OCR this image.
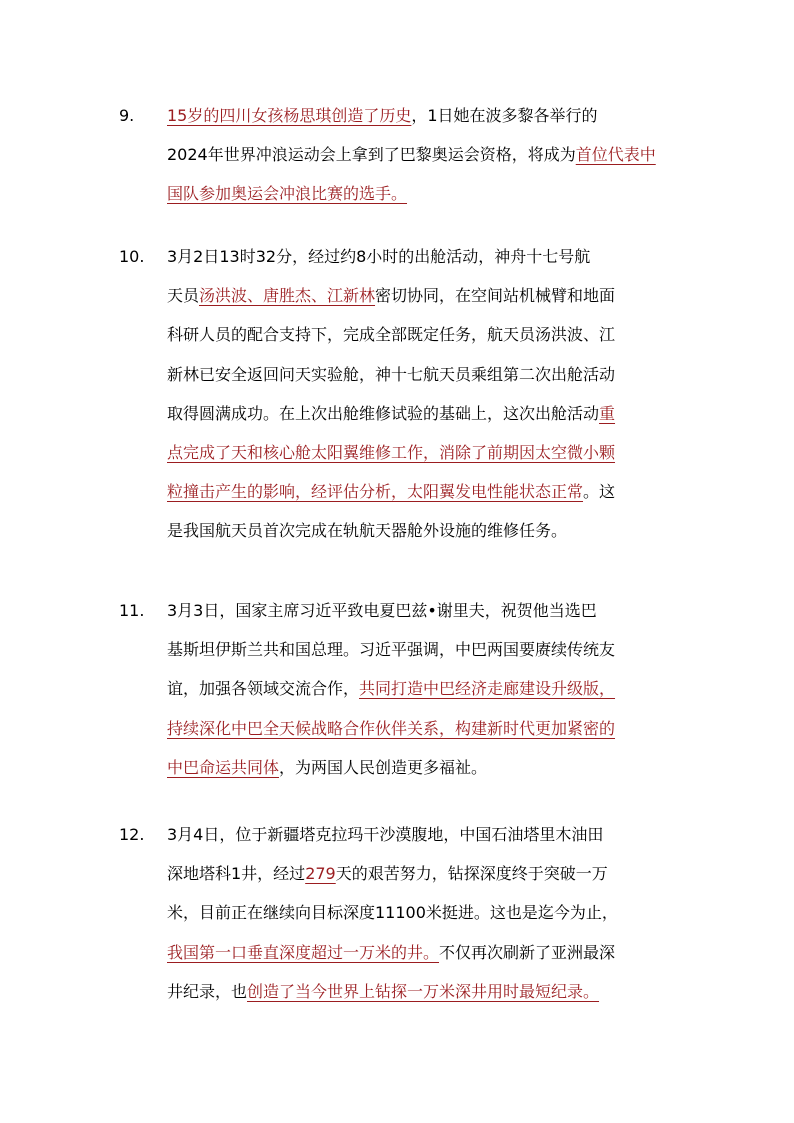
9.	15岁的四川女孩杨思琪创造了历史，1日她在波多黎各举行的
2024年世界冲浪运动会上拿到了巴黎奥运会资格，将成为首位代表中
国队参加奥运会冲浪比赛的选手。
10.	3月2日13时32分，经过约8小时的出舱活动，神舟十七号航
天员汤洪波、唐胜杰、江新林密切协同，在空间站机械臂和地面
科研人员的配合支持下，完成全部既定任务，航天员汤洪波、江
新林已安全返回问天实验舱，神十七航天员乘组第二次出舱活动
取得圆满成功。在上次出舱维修试验的基础上，这次出舱活动重
点完成了天和核心舱太阳翼维修工作，消除了前期因太空微小颗
粒撞击产生的影响，经评估分析，太阳翼发电性能状态正常。这
是我国航天员首次完成在轨航天器舱外设施的维修任务。
11.	3月3日，国家主席习近平致电夏巴兹•谢里夫，祝贺他当选巴
基斯坦伊斯兰共和国总理。习近平强调，中巴两国要赓续传统友
谊，加强各领域交流合作，共同打造中巴经济走廊建设升级版，
持续深化中巴全天候战略合作伙伴关系，构建新时代更加紧密的
中巴命运共同体，为两国人民创造更多福祉。
12.	3月4日，位于新疆塔克拉玛干沙漠腹地，中国石油塔里木油田
深地塔科1井，经过279天的艰苦努力，钻探深度终于突破一万
米，目前正在继续向目标深度11100米挺进。这也是迄今为止，
我国第一口垂直深度超过一万米的井。不仅再次刷新了亚洲最深
井纪录，也创造了当今世界上钻探一万米深井用时最短纪录。
